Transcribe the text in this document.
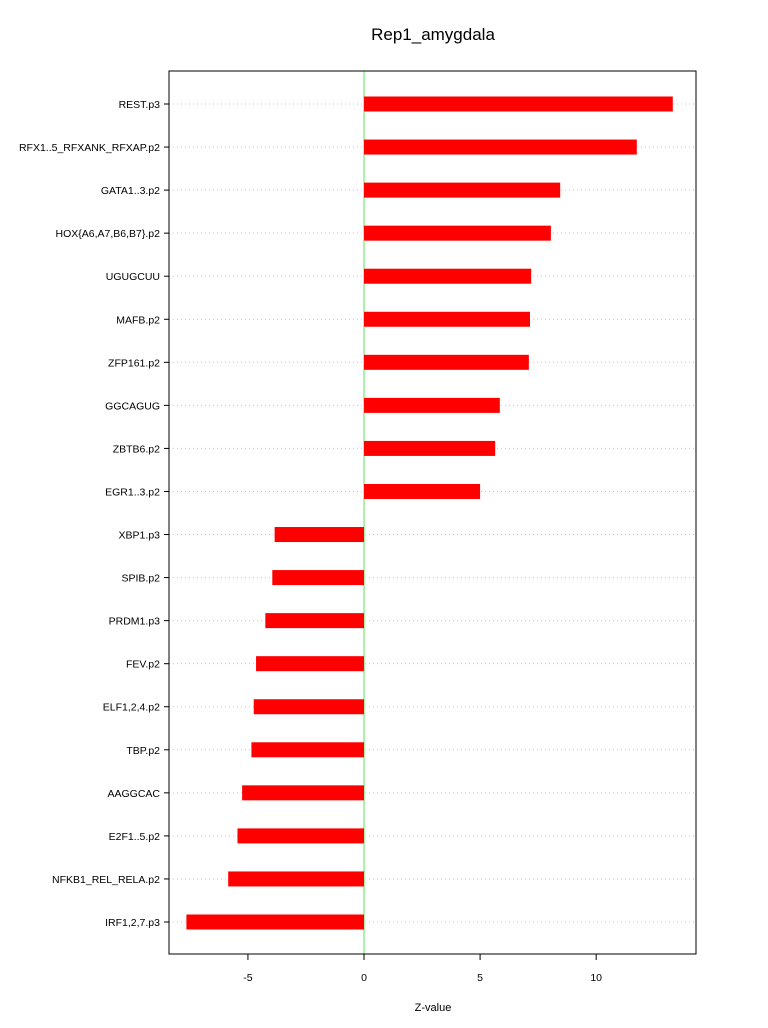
Rep1_amygdala
REST.p3
RFX1..5_RFXANK_RFXAP.p2
GATA1..3.p2
HOX{A6,A7,B6,B7}.p2
UGUGCUU
MAFB.p2
ZFP161.p2
GGCAGUG
ZBTB6.p2
EGR1..3.p2
XBP1.p3
SPIB.p2
PRDM1.p3
FEV.p2
ELF1,2,4.p2
TBP.p2
AAGGCAC
E2F1..5.p2
NFKB1_REL_RELA.p2
IRF1,2,7.p3
-5	0	5	10
Z-value
